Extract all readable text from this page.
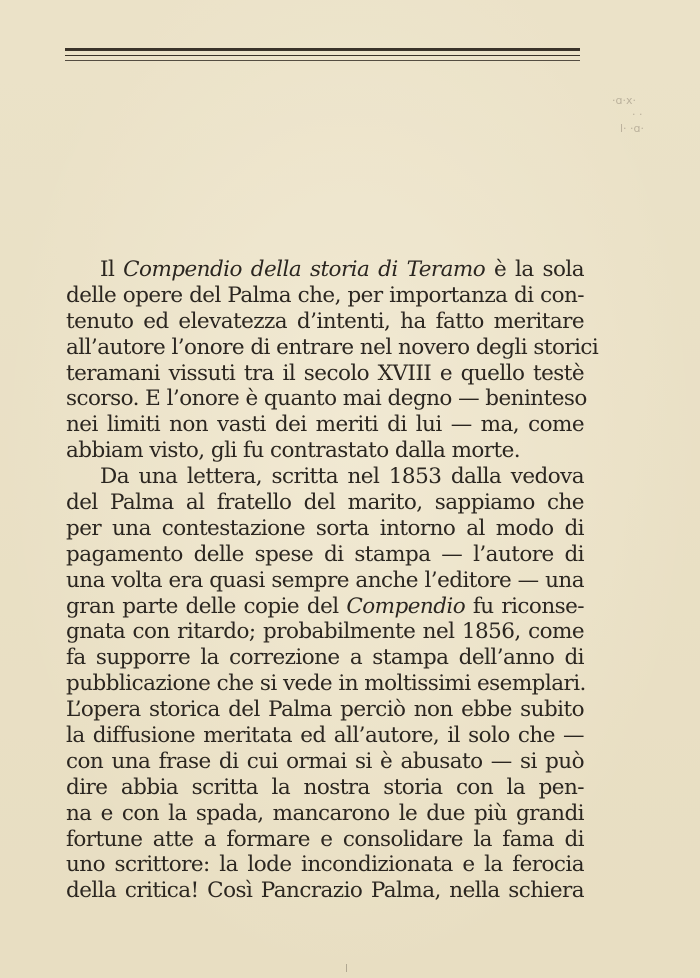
·ɑ·x·
· ·
l· ·ɑ·
Il Compendio della storia di Teramo è la sola
delle opere del Palma che, per importanza di con-
tenuto ed elevatezza d’intenti, ha fatto meritare
all’autore l’onore di entrare nel novero degli storici
teramani vissuti tra il secolo XVIII e quello testè
scorso. E l’onore è quanto mai degno — beninteso
nei limiti non vasti dei meriti di lui — ma, come
abbiam visto, gli fu contrastato dalla morte.
Da una lettera, scritta nel 1853 dalla vedova
del Palma al fratello del marito, sappiamo che
per una contestazione sorta intorno al modo di
pagamento delle spese di stampa — l’autore di
una volta era quasi sempre anche l’editore — una
gran parte delle copie del Compendio fu riconse-
gnata con ritardo; probabilmente nel 1856, come
fa supporre la correzione a stampa dell’anno di
pubblicazione che si vede in moltissimi esemplari.
L’opera storica del Palma perciò non ebbe subito
la diffusione meritata ed all’autore, il solo che —
con una frase di cui ormai si è abusato — si può
dire abbia scritta la nostra storia con la pen-
na e con la spada, mancarono le due più grandi
fortune atte a formare e consolidare la fama di
uno scrittore: la lode incondizionata e la ferocia
della critica! Così Pancrazio Palma, nella schiera
